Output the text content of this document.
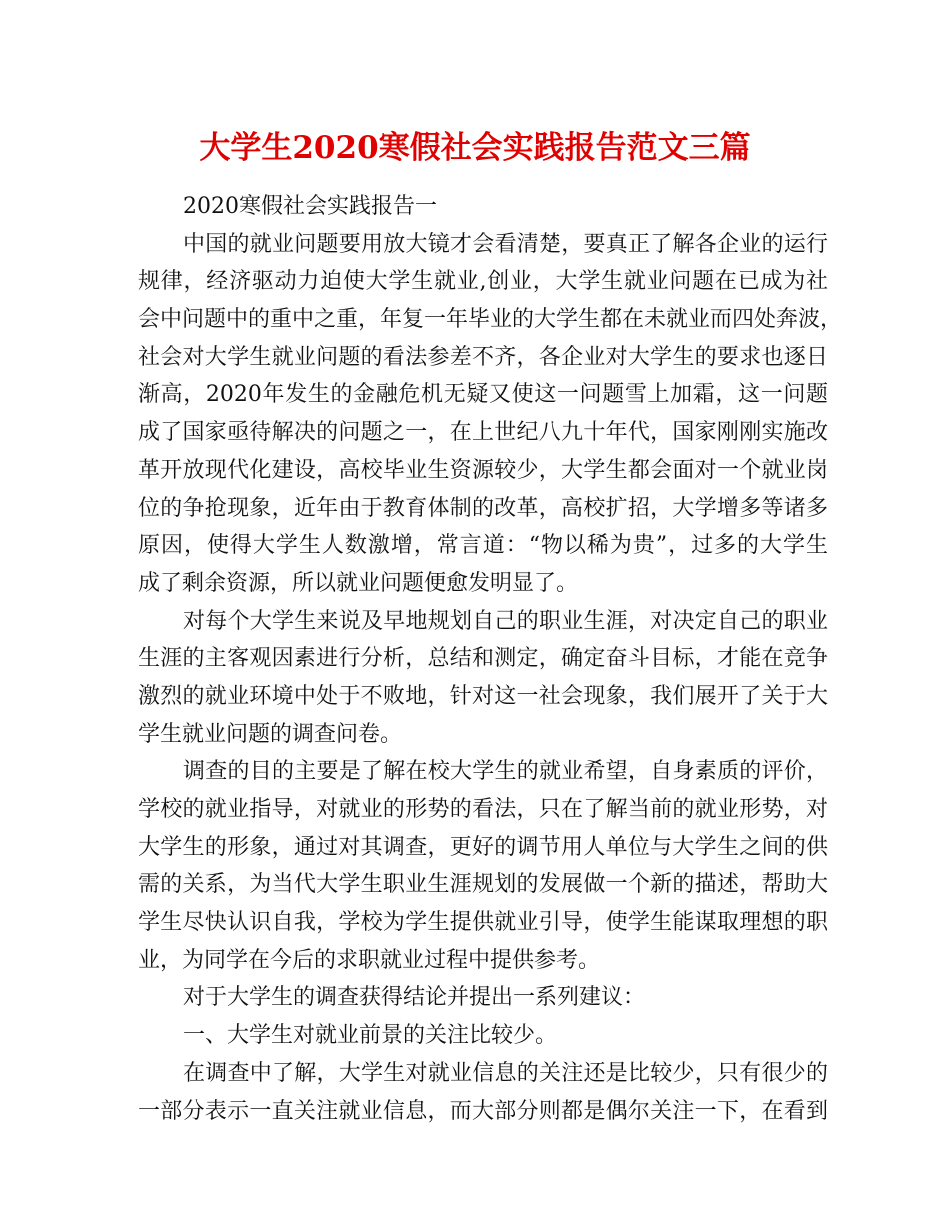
大学生2020寒假社会实践报告范文三篇
2020寒假社会实践报告一
中国的就业问题要用放大镜才会看清楚，要真正了解各企业的运行
规律，经济驱动力迫使大学生就业,创业，大学生就业问题在已成为社
会中问题中的重中之重，年复一年毕业的大学生都在未就业而四处奔波，
社会对大学生就业问题的看法参差不齐，各企业对大学生的要求也逐日
渐高，2020年发生的金融危机无疑又使这一问题雪上加霜，这一问题
成了国家亟待解决的问题之一，在上世纪八九十年代，国家刚刚实施改
革开放现代化建设，高校毕业生资源较少，大学生都会面对一个就业岗
位的争抢现象，近年由于教育体制的改革，高校扩招，大学增多等诸多
原因，使得大学生人数激增，常言道：“物以稀为贵”，过多的大学生
成了剩余资源，所以就业问题便愈发明显了。
对每个大学生来说及早地规划自己的职业生涯，对决定自己的职业
生涯的主客观因素进行分析，总结和测定，确定奋斗目标，才能在竞争
激烈的就业环境中处于不败地，针对这一社会现象，我们展开了关于大
学生就业问题的调查问卷。
调查的目的主要是了解在校大学生的就业希望，自身素质的评价，
学校的就业指导，对就业的形势的看法，只在了解当前的就业形势，对
大学生的形象，通过对其调查，更好的调节用人单位与大学生之间的供
需的关系，为当代大学生职业生涯规划的发展做一个新的描述，帮助大
学生尽快认识自我，学校为学生提供就业引导，使学生能谋取理想的职
业，为同学在今后的求职就业过程中提供参考。
对于大学生的调查获得结论并提出一系列建议：
一、大学生对就业前景的关注比较少。
在调查中了解，大学生对就业信息的关注还是比较少，只有很少的
一部分表示一直关注就业信息，而大部分则都是偶尔关注一下，在看到
